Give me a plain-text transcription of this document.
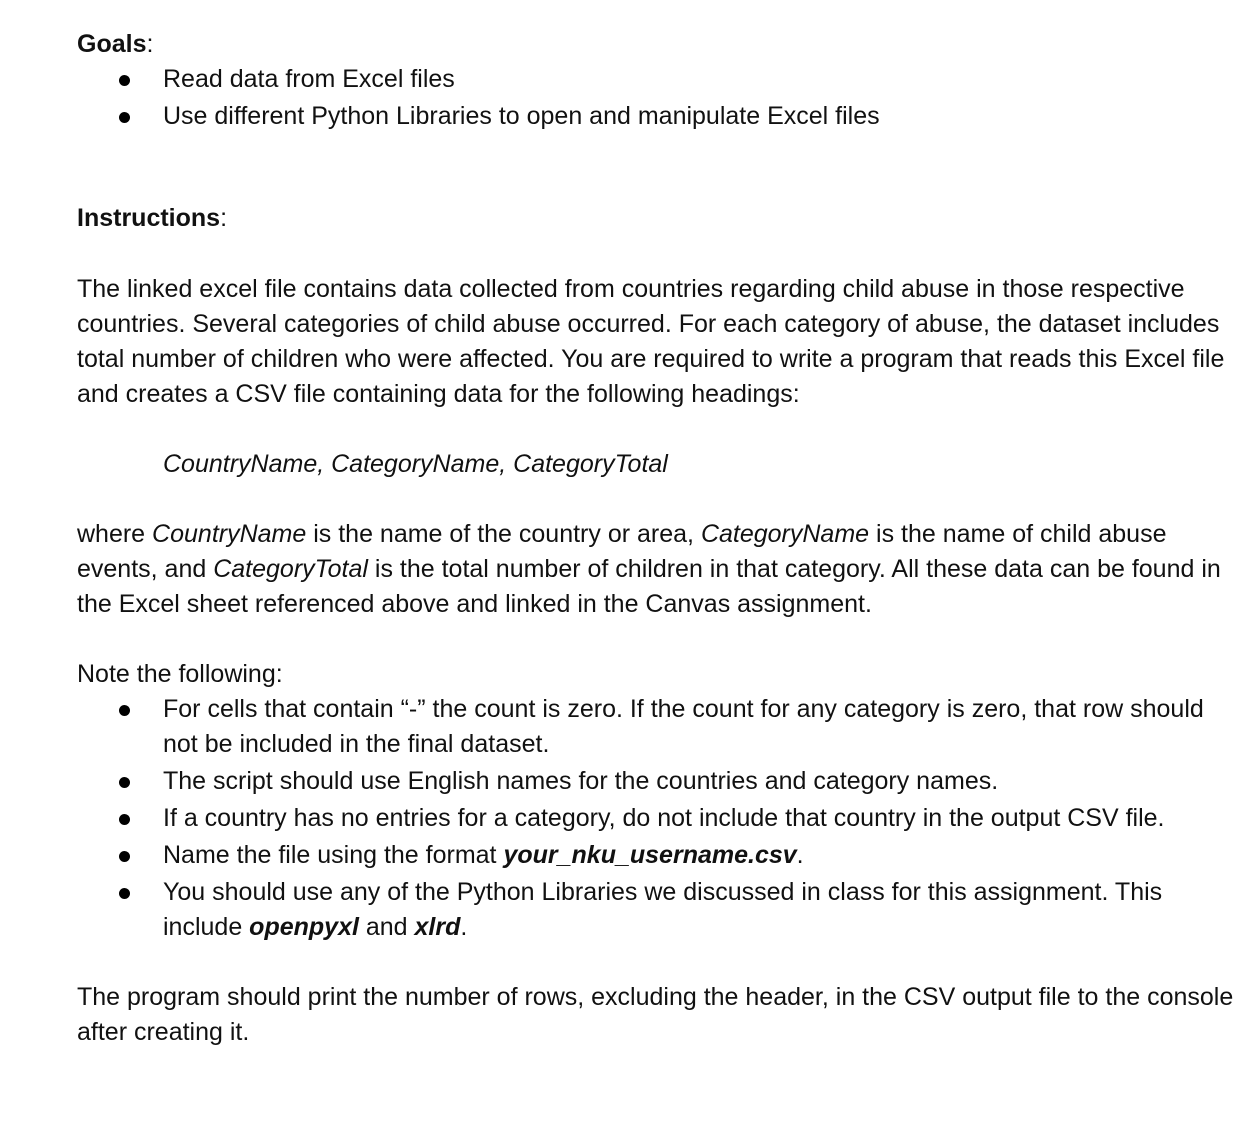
Goals:
Read data from Excel files
Use different Python Libraries to open and manipulate Excel files
Instructions:

The linked excel file contains data collected from countries regarding child abuse in those respective countries. Several categories of child abuse occurred. For each category of abuse, the dataset includes total number of children who were affected. You are required to write a program that reads this Excel file and creates a CSV file containing data for the following headings:

CountryName, CategoryName, CategoryTotal

where CountryName is the name of the country or area, CategoryName is the name of child abuse events, and CategoryTotal is the total number of children in that category. All these data can be found in the Excel sheet referenced above and linked in the Canvas assignment.

Note the following:

For cells that contain “-” the count is zero. If the count for any category is zero, that row should not be included in the final dataset.
The script should use English names for the countries and category names.
If a country has no entries for a category, do not include that country in the output CSV file.
Name the file using the format your_nku_username.csv.
You should use any of the Python Libraries we discussed in class for this assignment. This include openpyxl and xlrd.

The program should print the number of rows, excluding the header, in the CSV output file to the console after creating it.
